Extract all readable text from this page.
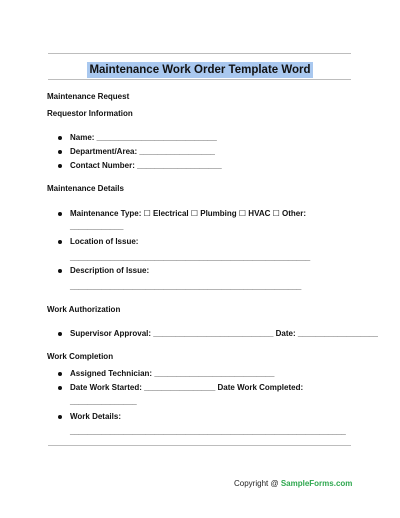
Maintenance Work Order Template Word
Maintenance Request
Requestor Information
Name: ___________________________
Department/Area: _________________
Contact Number: ___________________
Maintenance Details
Maintenance Type: ☐ Electrical ☐ Plumbing ☐ HVAC ☐ Other:
____________
Location of Issue:
______________________________________________________
Description of Issue:
____________________________________________________
Work Authorization
Supervisor Approval: ___________________________ Date: __________________
Work Completion
Assigned Technician: ___________________________
Date Work Started: ________________ Date Work Completed:
_______________
Work Details:
______________________________________________________________
Copyright @ SampleForms.com
